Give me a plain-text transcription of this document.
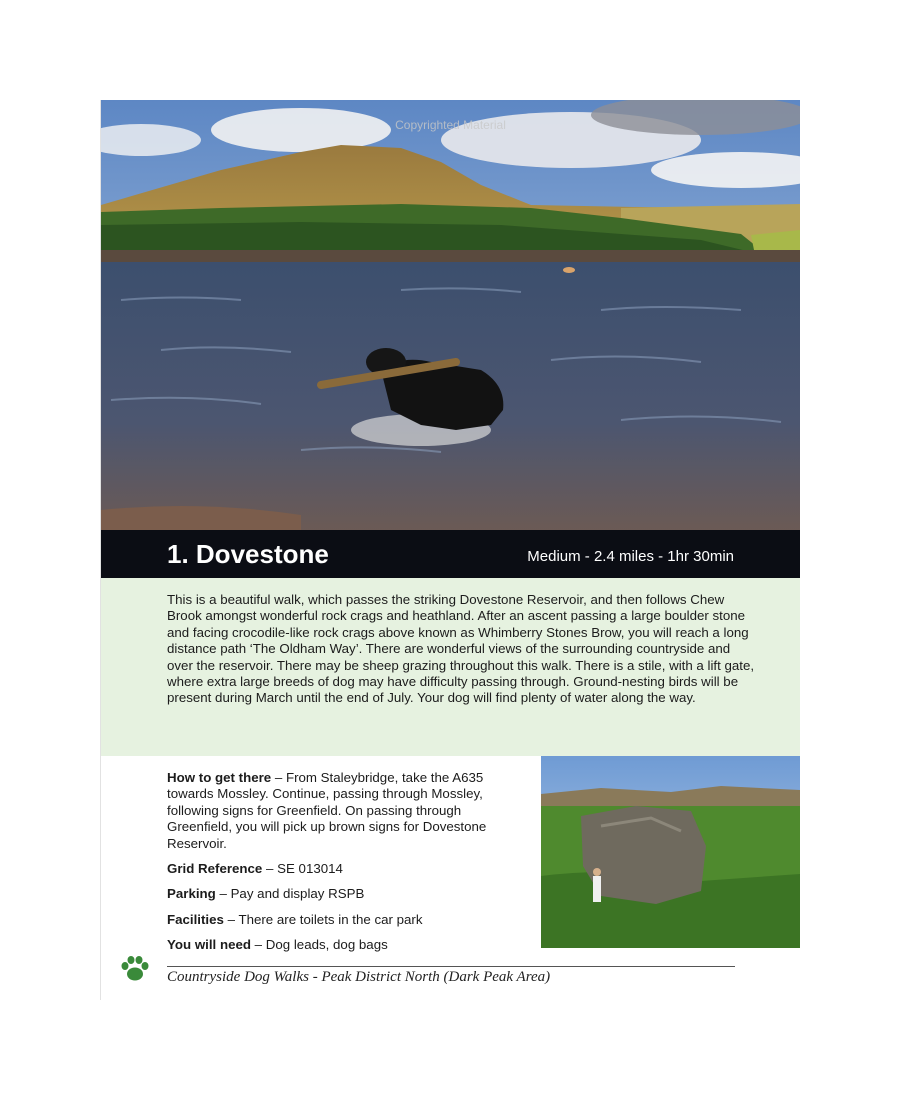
Copyrighted Material
1. Dovestone	Medium - 2.4 miles - 1hr 30min

This is a beautiful walk, which passes the striking Dovestone Reservoir, and then follows Chew Brook amongst wonderful rock crags and heathland. After an ascent passing a large boulder stone and facing crocodile-like rock crags above known as Whimberry Stones Brow, you will reach a long distance path ‘The Oldham Way’. There are wonderful views of the surrounding countryside and over the reservoir. There may be sheep grazing throughout this walk. There is a stile, with a lift gate, where extra large breeds of dog may have difficulty passing through. Ground-nesting birds will be present during March until the end of July. Your dog will find plenty of water along the way.

How to get there – From Staleybridge, take the A635 towards Mossley. Continue, passing through Mossley, following signs for Greenfield. On passing through Greenfield, you will pick up brown signs for Dovestone Reservoir.
Grid Reference – SE 013014
Parking – Pay and display RSPB
Facilities – There are toilets in the car park
You will need – Dog leads, dog bags
Countryside Dog Walks - Peak District North (Dark Peak Area)
